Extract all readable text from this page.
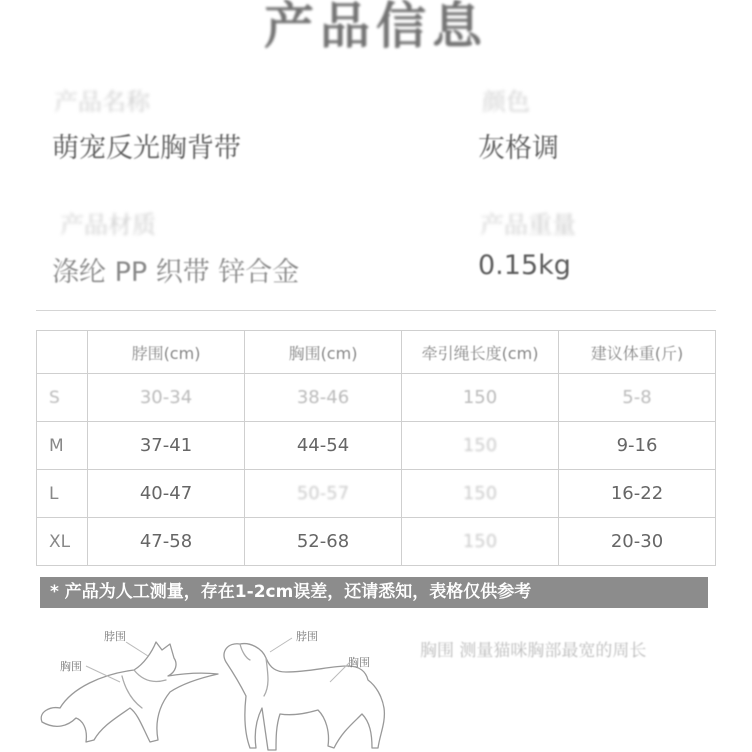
产品信息
产品名称
萌宠反光胸背带
颜色
灰格调
产品材质
涤纶 PP 织带 锌合金
产品重量
0.15kg
	脖围(cm)	胸围(cm)	牵引绳长度(cm)	建议体重(斤)
S	30-34	38-46	150	5-8
M	37-41	44-54	150	9-16
L	40-47	50-57	150	16-22
XL	47-58	52-68	150	20-30
* 产品为人工测量，存在1-2cm误差，还请悉知，表格仅供参考
胸围 测量猫咪胸部最宽的周长
脖围
胸围
脖围
胸围
